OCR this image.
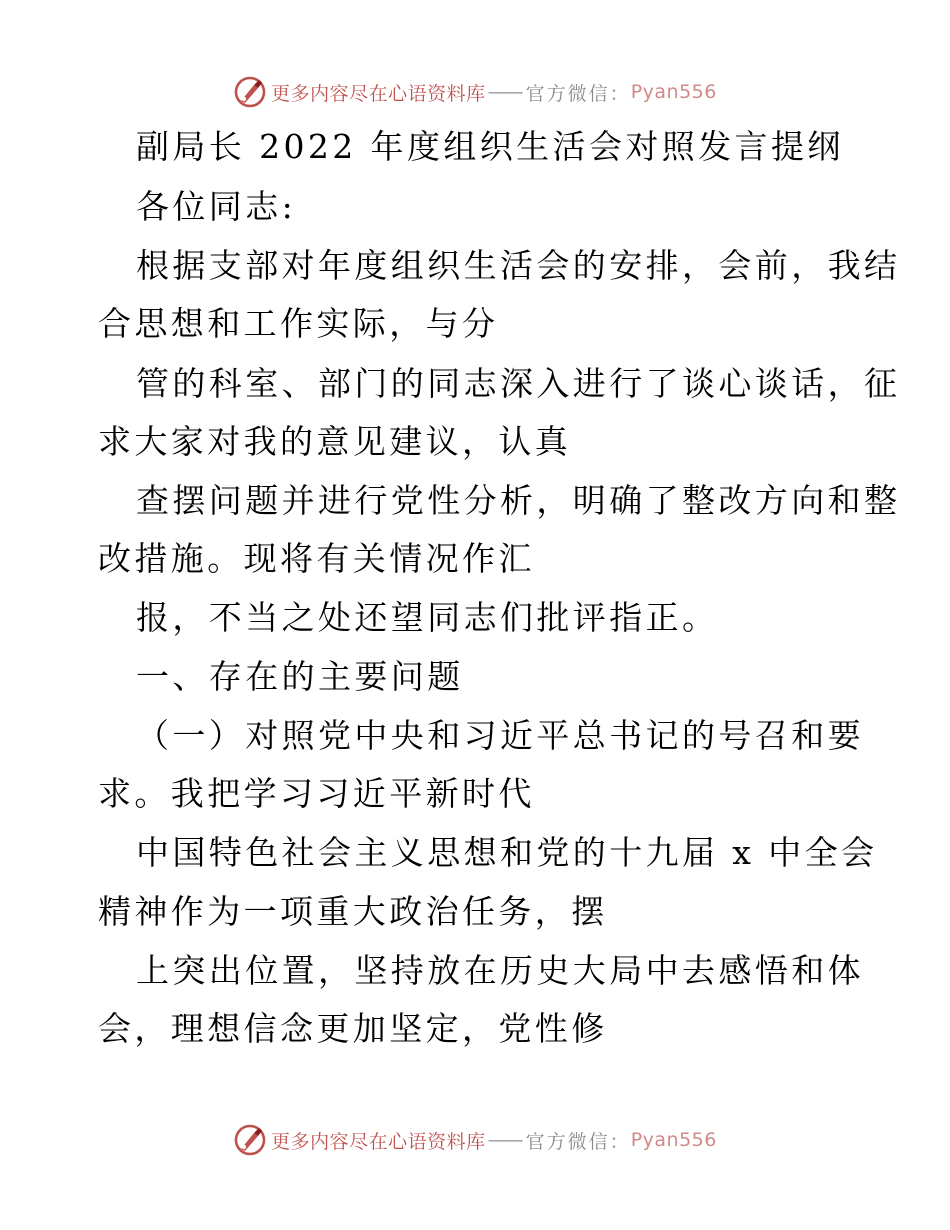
更多内容尽在心语资料库 —— 官方微信： Pyan556
副局长 2022 年度组织生活会对照发言提纲
各位同志:
根据支部对年度组织生活会的安排，会前，我结
合思想和工作实际，与分
管的科室、部门的同志深入进行了谈心谈话，征
求大家对我的意见建议，认真
查摆问题并进行党性分析，明确了整改方向和整
改措施。现将有关情况作汇
报，不当之处还望同志们批评指正。
一、存在的主要问题
（一）对照党中央和习近平总书记的号召和要
求。我把学习习近平新时代
中国特色社会主义思想和党的十九届 x 中全会
精神作为一项重大政治任务，摆
上突出位置，坚持放在历史大局中去感悟和体
会，理想信念更加坚定，党性修
更多内容尽在心语资料库 —— 官方微信： Pyan556
